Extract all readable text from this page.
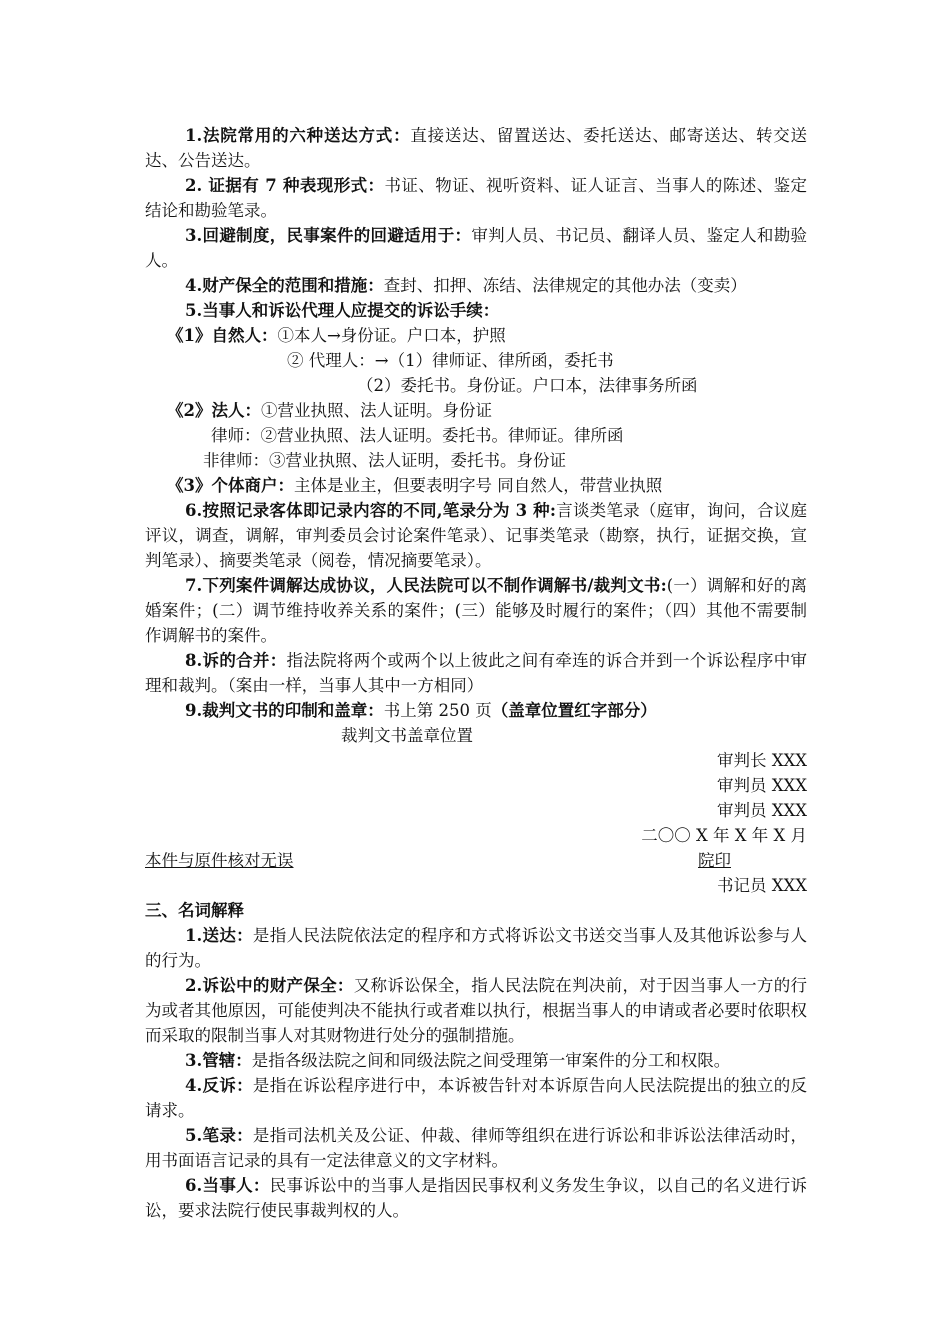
1.法院常用的六种送达方式：直接送达、留置送达、委托送达、邮寄送达、转交送达、公告送达。

2. 证据有 7 种表现形式：书证、物证、视听资料、证人证言、当事人的陈述、鉴定结论和勘验笔录。

3.回避制度，民事案件的回避适用于：审判人员、书记员、翻译人员、鉴定人和勘验人。

4.财产保全的范围和措施：查封、扣押、冻结、法律规定的其他办法（变卖）

5.当事人和诉讼代理人应提交的诉讼手续：

《1》自然人：①本人→身份证。户口本，护照

② 代理人：→（1）律师证、律所函，委托书

（2）委托书。身份证。户口本，法律事务所函

《2》法人：①营业执照、法人证明。身份证

律师：②营业执照、法人证明。委托书。律师证。律所函

非律师：③营业执照、法人证明，委托书。身份证

《3》个体商户：主体是业主，但要表明字号 同自然人，带营业执照

6.按照记录客体即记录内容的不同,笔录分为 3 种:言谈类笔录（庭审，询问，合议庭评议，调查，调解，审判委员会讨论案件笔录）、记事类笔录（勘察，执行，证据交换，宣判笔录）、摘要类笔录（阅卷，情况摘要笔录）。

7.下列案件调解达成协议，人民法院可以不制作调解书/裁判文书:(一）调解和好的离婚案件；(二）调节维持收养关系的案件；(三）能够及时履行的案件；（四）其他不需要制作调解书的案件。

8.诉的合并：指法院将两个或两个以上彼此之间有牵连的诉合并到一个诉讼程序中审理和裁判。（案由一样，当事人其中一方相同）

9.裁判文书的印制和盖章：书上第 250 页（盖章位置红字部分）

裁判文书盖章位置

审判长 XXX

审判员 XXX

审判员 XXX

二〇〇 X 年 X 年 X 月

本件与原件核对无误	院印

书记员 XXX

三、名词解释

1.送达：是指人民法院依法定的程序和方式将诉讼文书送交当事人及其他诉讼参与人的行为。

2.诉讼中的财产保全：又称诉讼保全，指人民法院在判决前，对于因当事人一方的行为或者其他原因，可能使判决不能执行或者难以执行，根据当事人的申请或者必要时依职权而采取的限制当事人对其财物进行处分的强制措施。

3.管辖：是指各级法院之间和同级法院之间受理第一审案件的分工和权限。

4.反诉：是指在诉讼程序进行中，本诉被告针对本诉原告向人民法院提出的独立的反请求。

5.笔录：是指司法机关及公证、仲裁、律师等组织在进行诉讼和非诉讼法律活动时，用书面语言记录的具有一定法律意义的文字材料。

6.当事人：民事诉讼中的当事人是指因民事权利义务发生争议，以自己的名义进行诉讼，要求法院行使民事裁判权的人。
